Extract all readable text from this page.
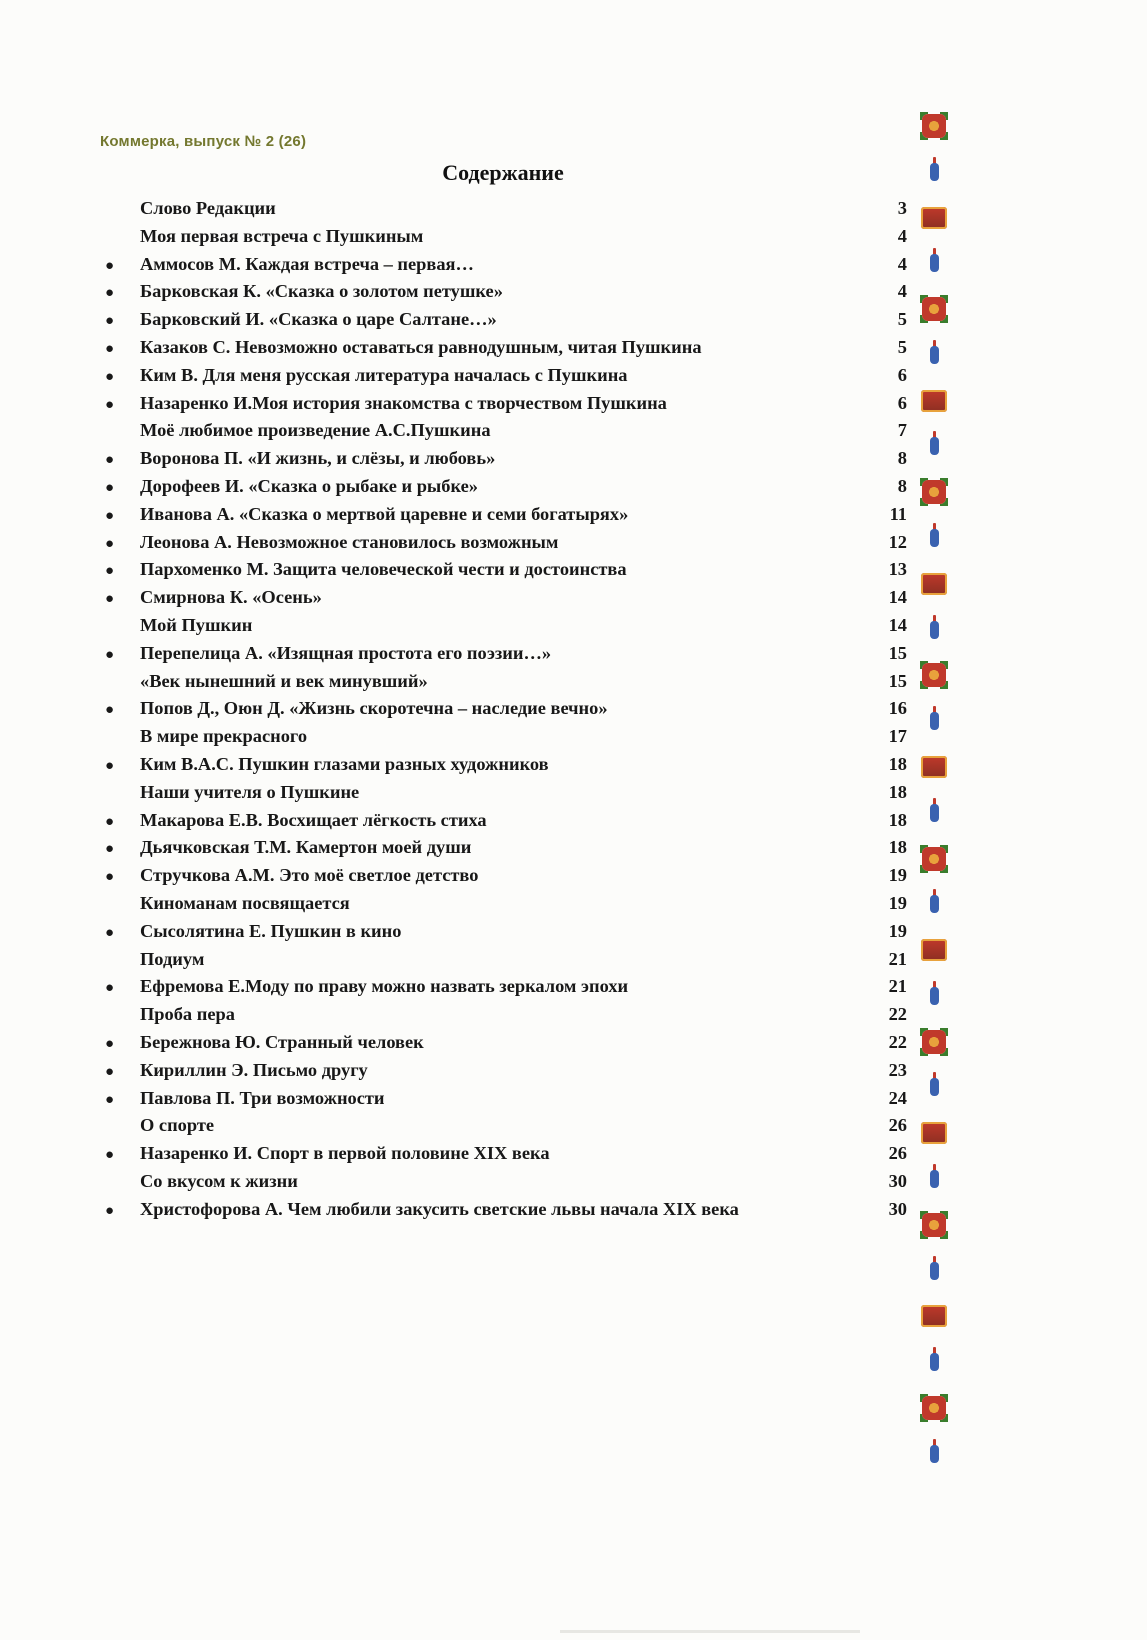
Коммерка, выпуск № 2 (26)
Содержание
Слово Редакции	3
Моя первая встреча с Пушкиным	4
●	Аммосов М. Каждая встреча – первая…	4
●	Барковская К. «Сказка о золотом петушке»	4
●	Барковский И. «Сказка о царе Салтане…»	5
●	Казаков С. Невозможно оставаться равнодушным, читая Пушкина	5
●	Ким В. Для меня русская литература началась с Пушкина	6
●	Назаренко И.Моя история знакомства с творчеством Пушкина	6
Моё любимое произведение А.С.Пушкина	7
●	Воронова П. «И жизнь, и слёзы, и любовь»	8
●	Дорофеев И. «Сказка о рыбаке и рыбке»	8
●	Иванова А. «Сказка о мертвой царевне и семи богатырях»	11
●	Леонова А. Невозможное становилось возможным	12
●	Пархоменко М. Защита человеческой чести и достоинства	13
●	Смирнова К. «Осень»	14
Мой Пушкин	14
●	Перепелица А. «Изящная простота его поэзии…»	15
«Век нынешний и век минувший»	15
●	Попов Д., Оюн Д. «Жизнь скоротечна – наследие вечно»	16
В мире прекрасного	17
●	Ким В.А.С. Пушкин глазами разных художников	18
Наши учителя о Пушкине	18
●	Макарова Е.В. Восхищает лёгкость стиха	18
●	Дьячковская Т.М. Камертон моей души	18
●	Стручкова А.М. Это моё светлое детство	19
Киноманам посвящается	19
●	Сысолятина Е. Пушкин в кино	19
Подиум	21
●	Ефремова Е.Моду по праву можно назвать зеркалом эпохи	21
Проба пера	22
●	Бережнова Ю. Странный человек	22
●	Кириллин Э. Письмо другу	23
●	Павлова П. Три возможности	24
О спорте	26
●	Назаренко И. Спорт в первой половине XIX века	26
Со вкусом к жизни	30
●	Христофорова А. Чем любили закусить светские львы начала XIX века	30
